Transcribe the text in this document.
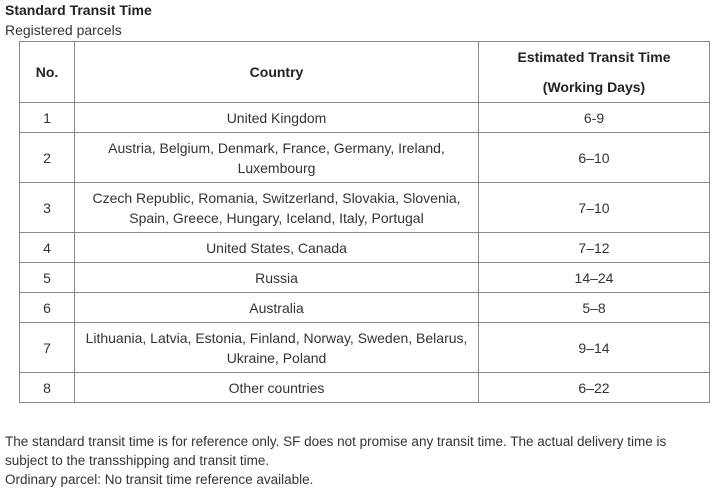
Standard Transit Time
Registered parcels
No.	Country	Estimated Transit Time
(Working Days)

1	United Kingdom	6-9
2	Austria, Belgium, Denmark, France, Germany, Ireland, Luxembourg	6–10
3	Czech Republic, Romania, Switzerland, Slovakia, Slovenia, Spain, Greece, Hungary, Iceland, Italy, Portugal	7–10
4	United States, Canada	7–12
5	Russia	14–24
6	Australia	5–8
7	Lithuania, Latvia, Estonia, Finland, Norway, Sweden, Belarus, Ukraine, Poland	9–14
8	Other countries	6–22

The standard transit time is for reference only. SF does not promise any transit time. The actual delivery time is subject to the transshipping and transit time.

Ordinary parcel: No transit time reference available.
